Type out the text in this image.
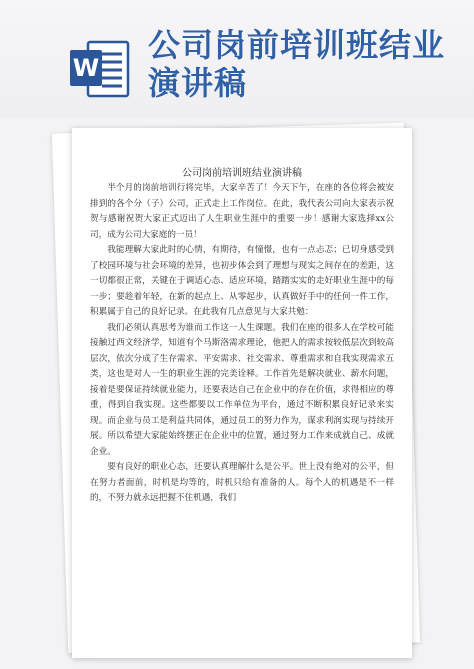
W
公司岗前培训班结业演讲稿
公司岗前培训班结业演讲稿

半个月的岗前培训行将完毕，大家辛苦了！今天下午，在座的各位将会被安排到的各个分（子）公司，正式走上工作岗位。在此，我代表公司向大家表示祝贺与感谢祝贺大家正式迈出了人生职业生涯中的重要一步！感谢大家选择xx公司，成为公司大家庭的一员！

我能理解大家此时的心情，有期待，有憧憬，也有一点忐忑；已切身感受到了校园环境与社会环境的差异，也初步体会到了理想与现实之间存在的差距，这一切都很正常，关键在于调适心态、适应环境，踏踏实实的走好职业生涯中的每一步；要趁着年轻，在新的起点上、从零起步，认真做好手中的任何一件工作，积累属于自己的良好记录。在此我有几点意见与大家共勉：

我们必须认真思考为谁而工作这一人生课题。我们在座的很多人在学校可能接触过西文经济学，知道有个马斯洛需求理论，他把人的需求按较低层次到较高层次，依次分成了生存需求、平安需求、社交需求、尊重需求和自我实现需求五类，这也是对人一生的职业生涯的完美诠释。工作首先是解决就业、薪水问题，接着是要保证持续就业能力，还要表达自己在企业中的存在价值，求得相应的尊重，得到自我实现。这些都要以工作单位为平台，通过不断积累良好记录来实现。而企业与员工是利益共同体，通过员工的努力作为，谋求利润实现与持续开展。所以希望大家能始终摆正在企业中的位置，通过努力工作来成就自己、成就企业。

要有良好的职业心态，还要认真理解什么是公平。世上没有绝对的公平，但在努力者面前，时机是均等的，时机只给有准备的人。每个人的机遇是不一样的，不努力就永远把握不住机遇，我们
